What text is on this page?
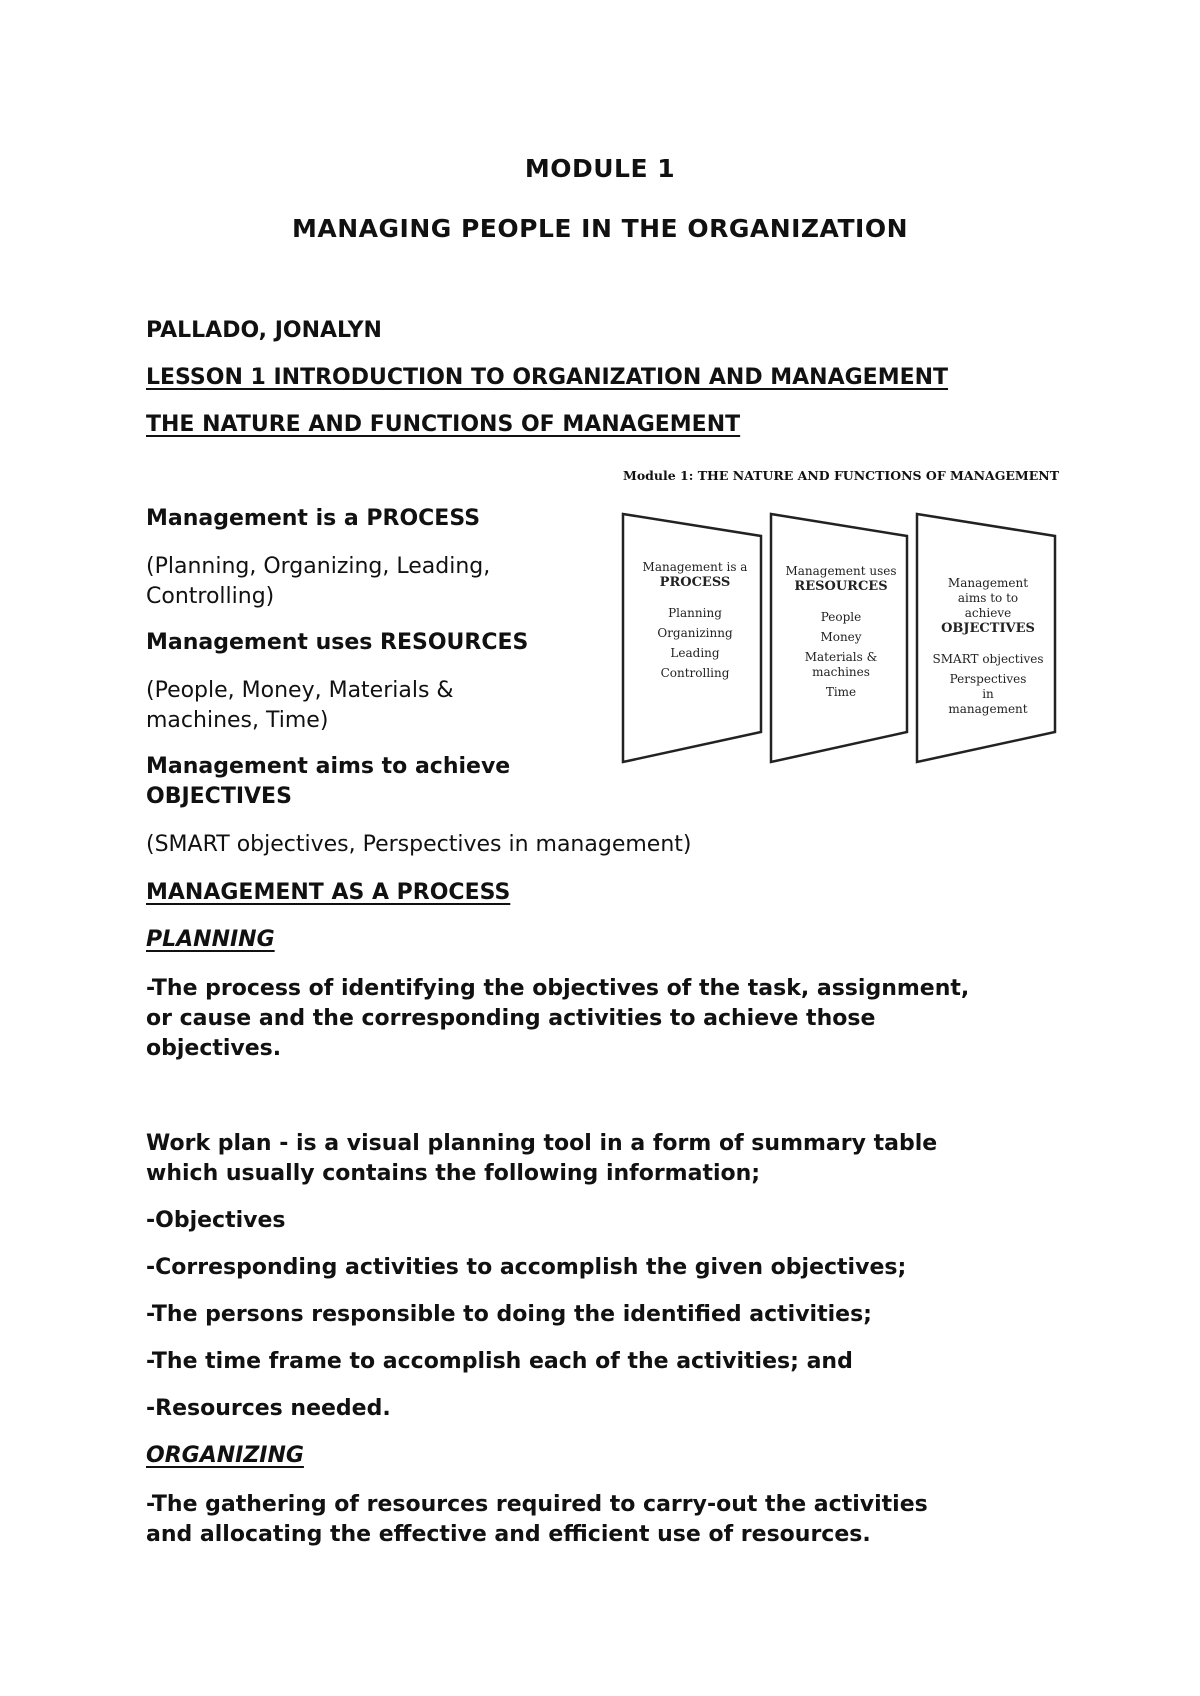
MODULE 1
MANAGING PEOPLE IN THE ORGANIZATION
PALLADO, JONALYN
LESSON 1 INTRODUCTION TO ORGANIZATION AND MANAGEMENT
THE NATURE AND FUNCTIONS OF MANAGEMENT
Management is a PROCESS
(Planning, Organizing, Leading,
Controlling)
Management uses RESOURCES
(People, Money, Materials &
machines, Time)
Management aims to achieve
OBJECTIVES
(SMART objectives, Perspectives in management)
Module 1: THE NATURE AND FUNCTIONS OF MANAGEMENT
Management is a
PROCESS
Planning
Organizinng
Leading
Controlling
Management uses
RESOURCES
People
Money
Materials & machines
Time
Management aims to to achieve
OBJECTIVES
SMART objectives
Perspectives in management
MANAGEMENT AS A PROCESS
PLANNING
-The process of identifying the objectives of the task, assignment,
or cause and the corresponding activities to achieve those
objectives.
Work plan - is a visual planning tool in a form of summary table
which usually contains the following information;
-Objectives
-Corresponding activities to accomplish the given objectives;
-The persons responsible to doing the identified activities;
-The time frame to accomplish each of the activities; and
-Resources needed.
ORGANIZING
-The gathering of resources required to carry-out the activities
and allocating the effective and efficient use of resources.
